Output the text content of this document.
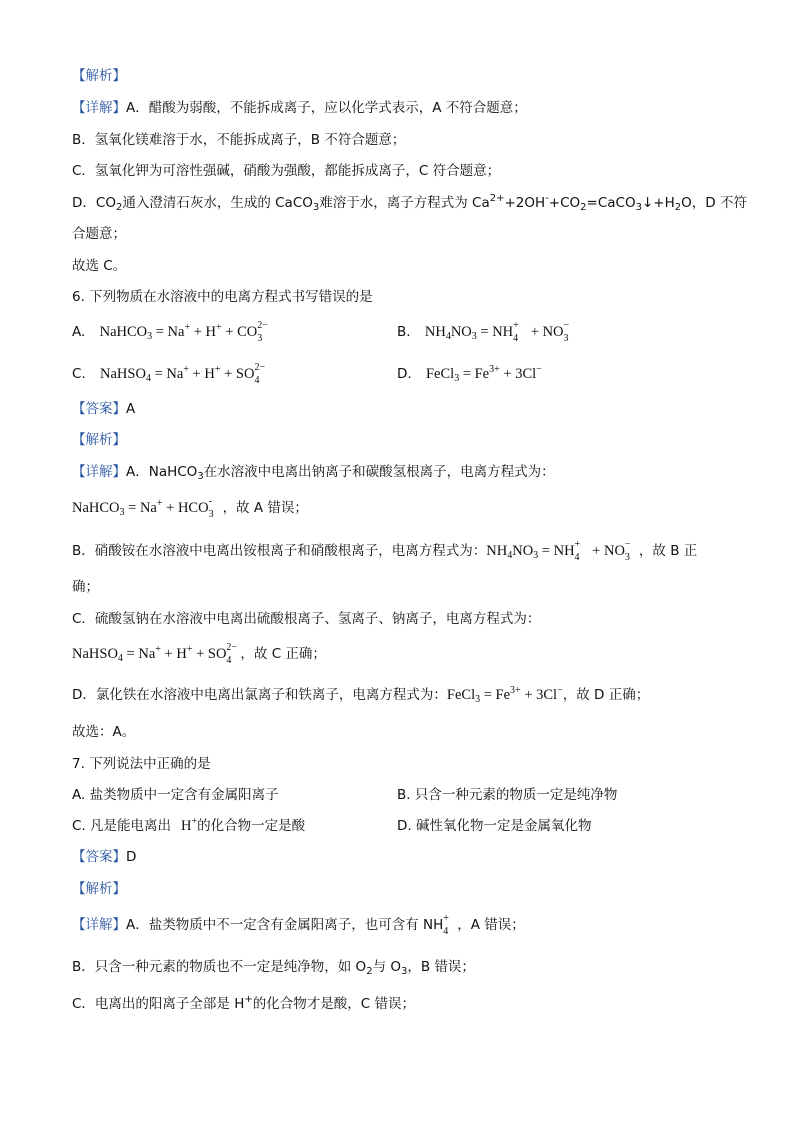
【解析】
【详解】A．醋酸为弱酸，不能拆成离子，应以化学式表示，A 不符合题意；
B．氢氧化镁难溶于水，不能拆成离子，B 不符合题意；
C．氢氧化钾为可溶性强碱，硝酸为强酸，都能拆成离子，C 符合题意；
D．$CO_2$通入澄清石灰水，生成的 CaCO$_3$难溶于水，离子方程式为 $Ca^{2+}+2OH^-+CO_2=CaCO_3↓+H_2O$，D 不符
合题意；
故选 C。
6. 下列物质在水溶液中的电离方程式书写错误的是
A. NaHCO$_3$ = Na+ + H+ + CO 2−
3	B. $NH_4NO_3$ = NH +
4 + NO −
3
C. NaHSO$_4$ = Na+ + H+ + SO 2−
4	D. FeCl$_3$ = $Fe^{3+} + 3Cl^-$
【答案】A
【解析】
【详解】A．NaHCO$_3$在水溶液中电离出钠离子和碳酸氢根离子，电离方程式为：
NaHCO$_3$ = Na+ + HCO -
3 ，故 A 错误；
B．硝酸铵在水溶液中电离出铵根离子和硝酸根离子，电离方程式为：$NH_4NO_3$ = NH +
4 + NO −
3 ，故 B 正
确；
C．硫酸氢钠在水溶液中电离出硫酸根离子、氢离子、钠离子，电离方程式为：
NaHSO$_4$ = Na+ + H+ + SO 2−
4 ，故 C 正确；
D．氯化铁在水溶液中电离出氯离子和铁离子，电离方程式为：FeCl$_3$ = $Fe^{3+} + 3Cl^-$，故 D 正确；
故选：A。
7. 下列说法中正确的是
A. 盐类物质中一定含有金属阳离子	B. 只含一种元素的物质一定是纯净物
C. 凡是能电离出 H+的化合物一定是酸	D. 碱性氧化物一定是金属氧化物
【答案】D
【解析】
【详解】A．盐类物质中不一定含有金属阳离子，也可含有 NH +
4 ，A 错误；
B．只含一种元素的物质也不一定是纯净物，如 $O_2$与 $O_3$，B 错误；
C．电离出的阳离子全部是 H+的化合物才是酸，C 错误；
